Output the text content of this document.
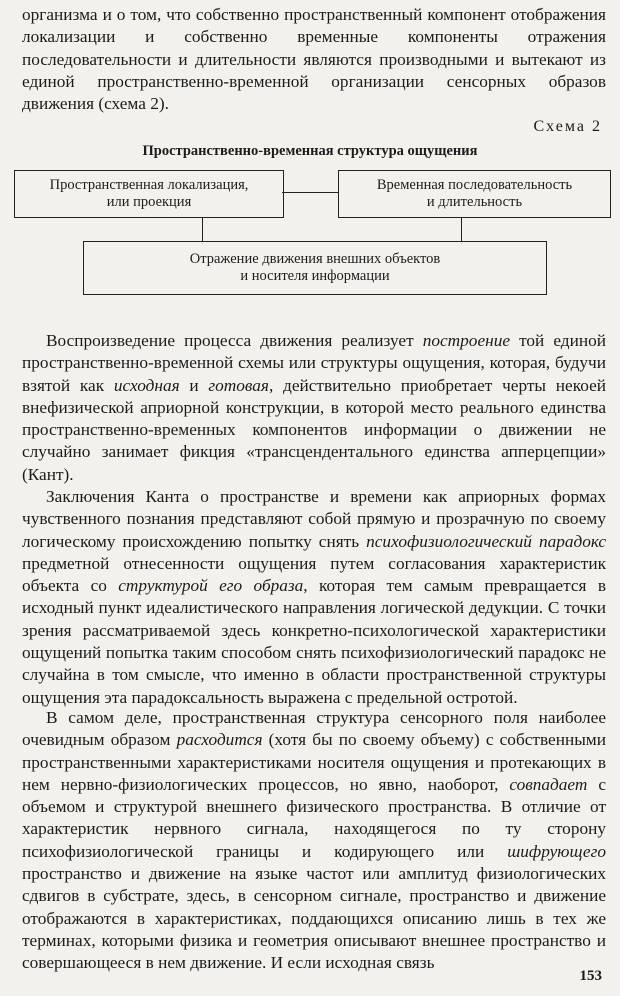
организма и о том, что собственно пространственный компонент отображения локализации и собственно временные компоненты отражения последовательности и длительности являются производными и вытекают из единой пространственно-временной организации сенсорных образов движения (схема 2).

Схема 2
Пространственно-временная структура ощущения
Пространственная локализация,
или проекция
Временная последовательность
и длительность
Отражение движения внешних объектов
и носителя информации

Воспроизведение процесса движения реализует построение той единой пространственно-временной схемы или структуры ощущения, которая, будучи взятой как исходная и готовая, действительно приобретает черты некоей внефизической априорной конструкции, в которой место реального единства пространственно-временных компонентов информации о движении не случайно занимает фикция «трансцендентального единства апперцепции» (Кант).

Заключения Канта о пространстве и времени как априорных формах чувственного познания представляют собой прямую и прозрачную по своему логическому происхождению попытку снять психофизиологический парадокс предметной отнесенности ощущения путем согласования характеристик объекта со структурой его образа, которая тем самым превращается в исходный пункт идеалистического направления логической дедукции. С точки зрения рассматриваемой здесь конкретно-психологической характеристики ощущений попытка таким способом снять психофизиологический парадокс не случайна в том смысле, что именно в области пространственной структуры ощущения эта парадоксальность выражена с предельной остротой.

В самом деле, пространственная структура сенсорного поля наиболее очевидным образом расходится (хотя бы по своему объему) с собственными пространственными характеристиками носителя ощущения и протекающих в нем нервно-физиологических процессов, но явно, наоборот, совпадает с объемом и структурой внешнего физического пространства. В отличие от характеристик нервного сигнала, находящегося по ту сторону психофизиологической границы и кодирующего или шифрующего пространство и движение на языке частот или амплитуд физиологических сдвигов в субстрате, здесь, в сенсорном сигнале, пространство и движение отображаются в характеристиках, поддающихся описанию лишь в тех же терминах, которыми физика и геометрия описывают внешнее пространство и совершающееся в нем движение. И если исходная связь

153
